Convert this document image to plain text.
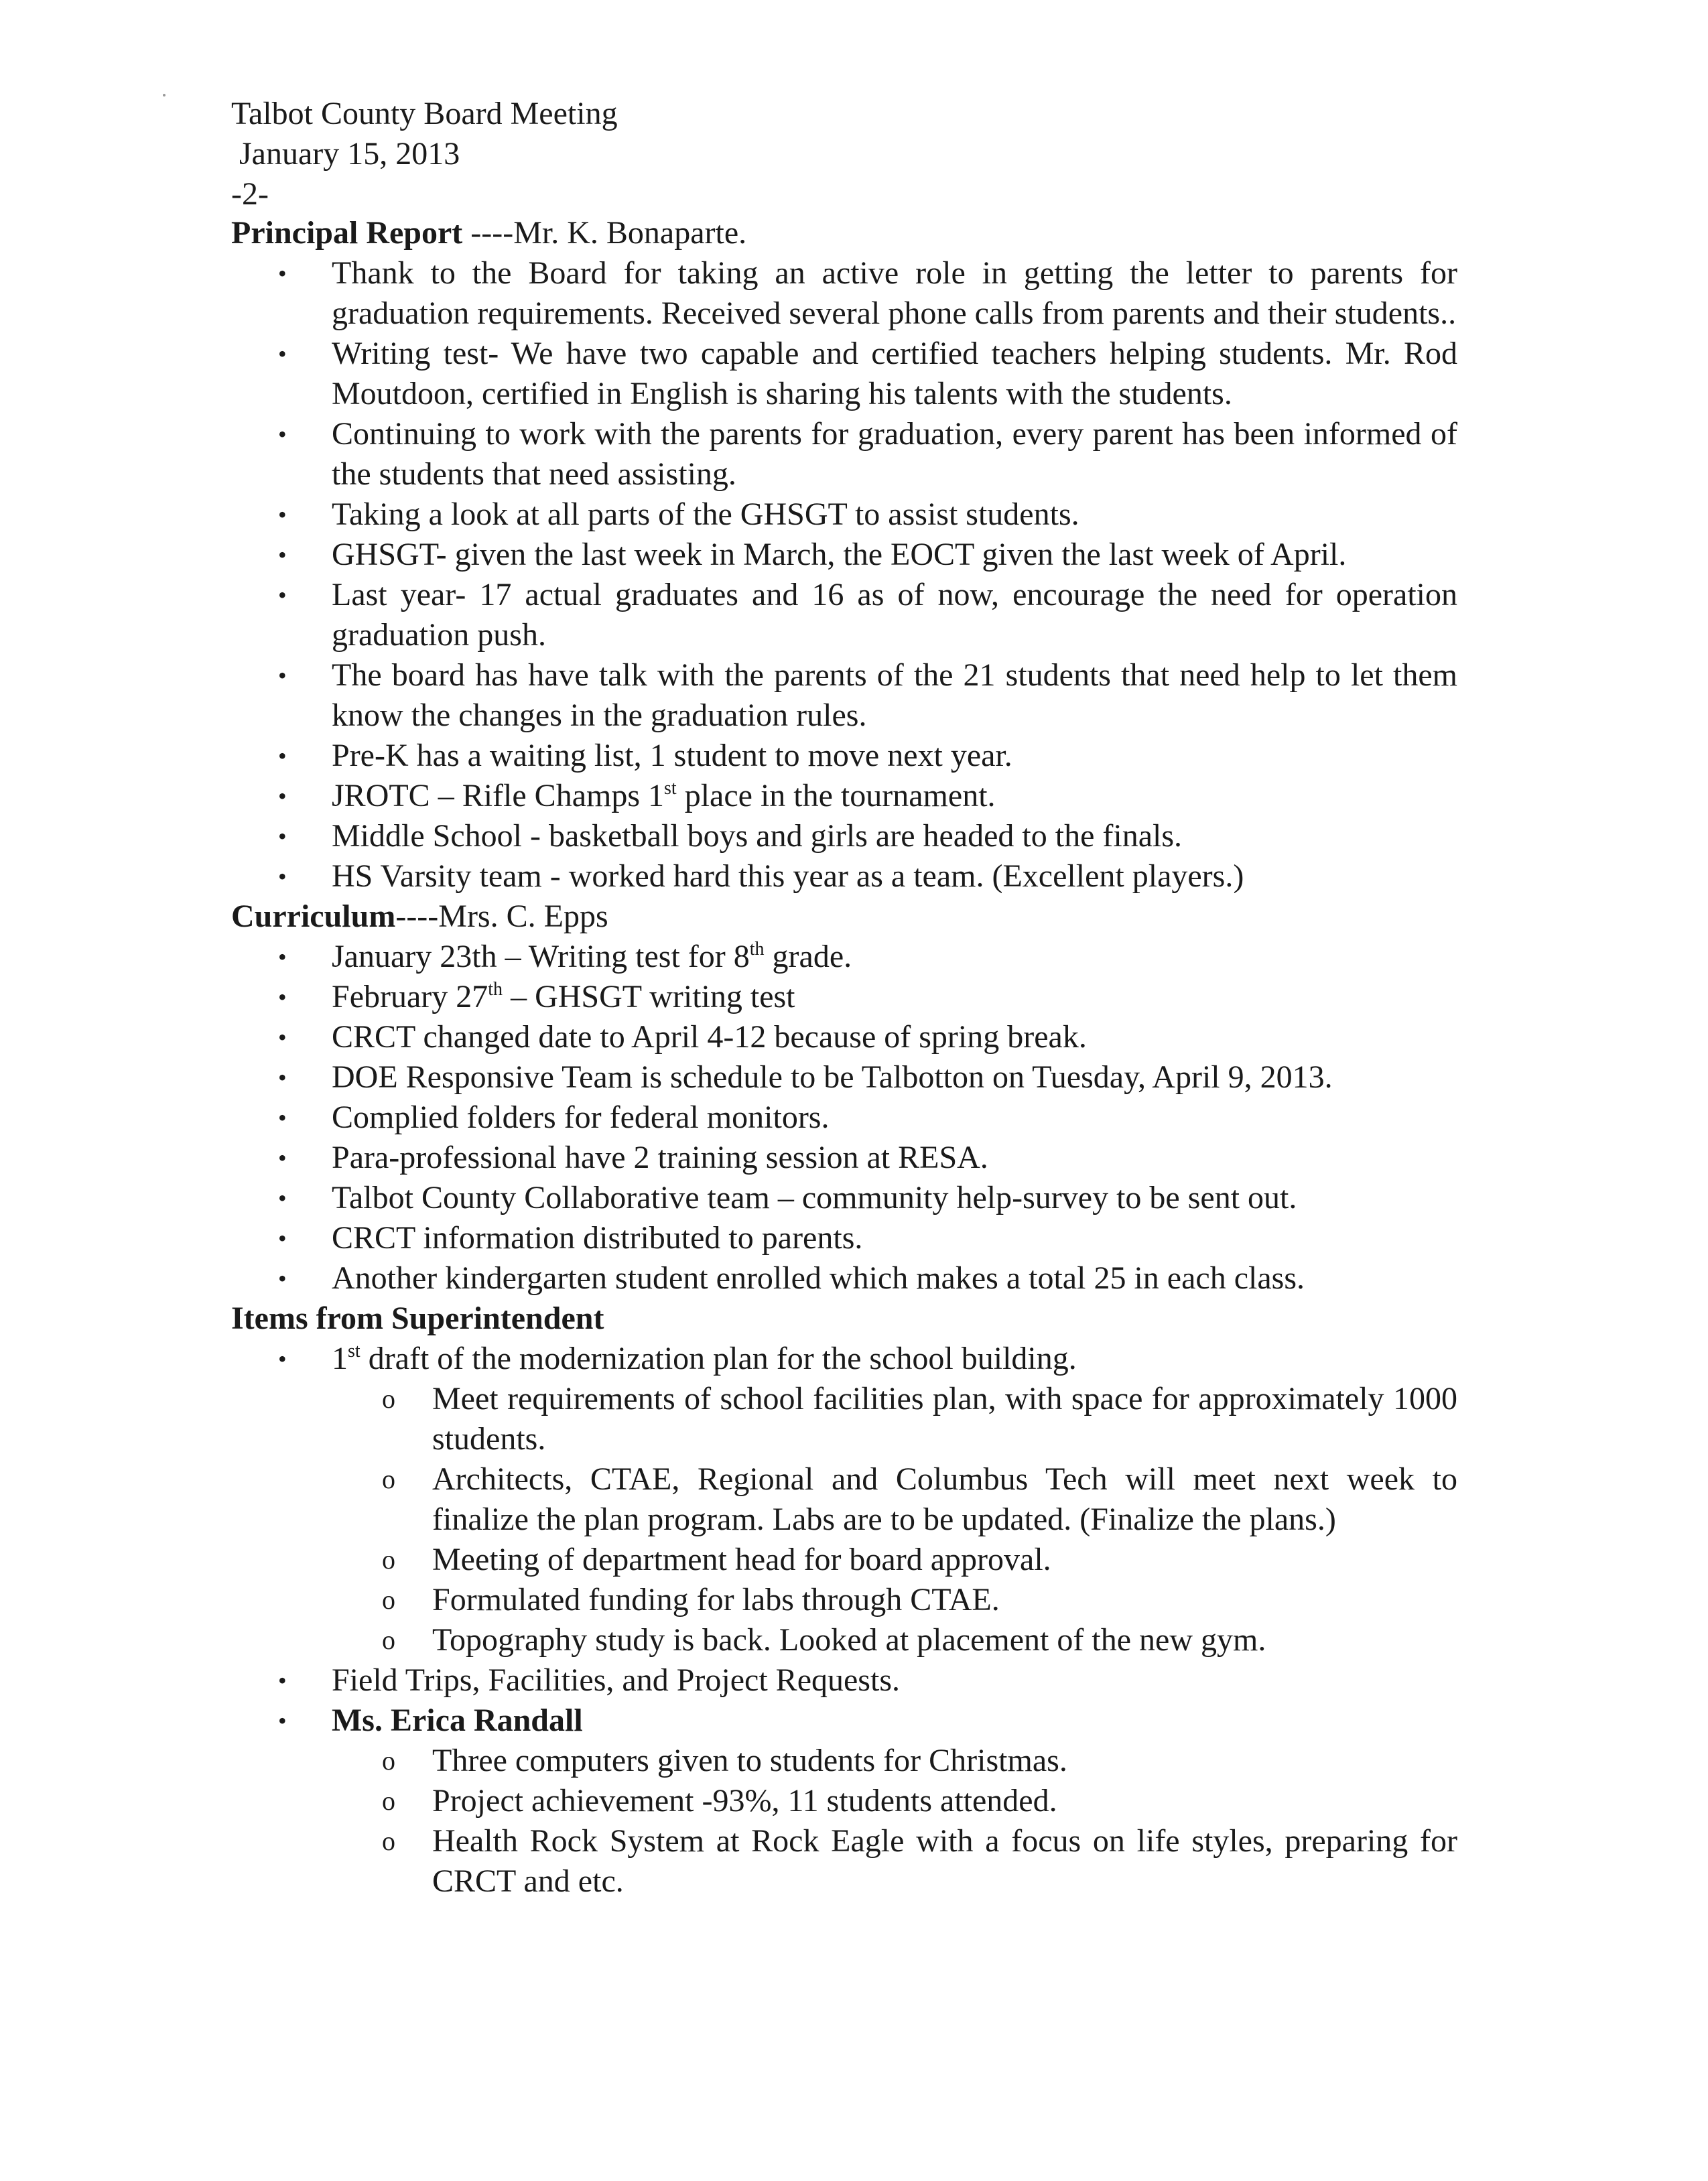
Talbot County Board Meeting
January 15, 2013
-2-
Principal Report ----Mr. K. Bonaparte.
• Thank to the Board for taking an active role in getting the letter to parents for graduation requirements. Received several phone calls from parents and their students..
• Writing test- We have two capable and certified teachers helping students. Mr. Rod Moutdoon, certified in English is sharing his talents with the students.
• Continuing to work with the parents for graduation, every parent has been informed of the students that need assisting.
• Taking a look at all parts of the GHSGT to assist students.
• GHSGT- given the last week in March, the EOCT given the last week of April.
• Last year- 17 actual graduates and 16 as of now, encourage the need for operation graduation push.
• The board has have talk with the parents of the 21 students that need help to let them know the changes in the graduation rules.
• Pre-K has a waiting list, 1 student to move next year.
• JROTC – Rifle Champs 1st place in the tournament.
• Middle School - basketball boys and girls are headed to the finals.
• HS Varsity team - worked hard this year as a team. (Excellent players.)
Curriculum----Mrs. C. Epps
• January 23th – Writing test for 8th grade.
• February 27th – GHSGT writing test
• CRCT changed date to April 4-12 because of spring break.
• DOE Responsive Team is schedule to be Talbotton on Tuesday, April 9, 2013.
• Complied folders for federal monitors.
• Para-professional have 2 training session at RESA.
• Talbot County Collaborative team – community help-survey to be sent out.
• CRCT information distributed to parents.
• Another kindergarten student enrolled which makes a total 25 in each class.
Items from Superintendent
• 1st draft of the modernization plan for the school building.
o Meet requirements of school facilities plan, with space for approximately 1000 students.
o Architects, CTAE, Regional and Columbus Tech will meet next week to finalize the plan program. Labs are to be updated. (Finalize the plans.)
o Meeting of department head for board approval.
o Formulated funding for labs through CTAE.
o Topography study is back. Looked at placement of the new gym.
• Field Trips, Facilities, and Project Requests.
• Ms. Erica Randall
o Three computers given to students for Christmas.
o Project achievement -93%, 11 students attended.
o Health Rock System at Rock Eagle with a focus on life styles, preparing for CRCT and etc.
